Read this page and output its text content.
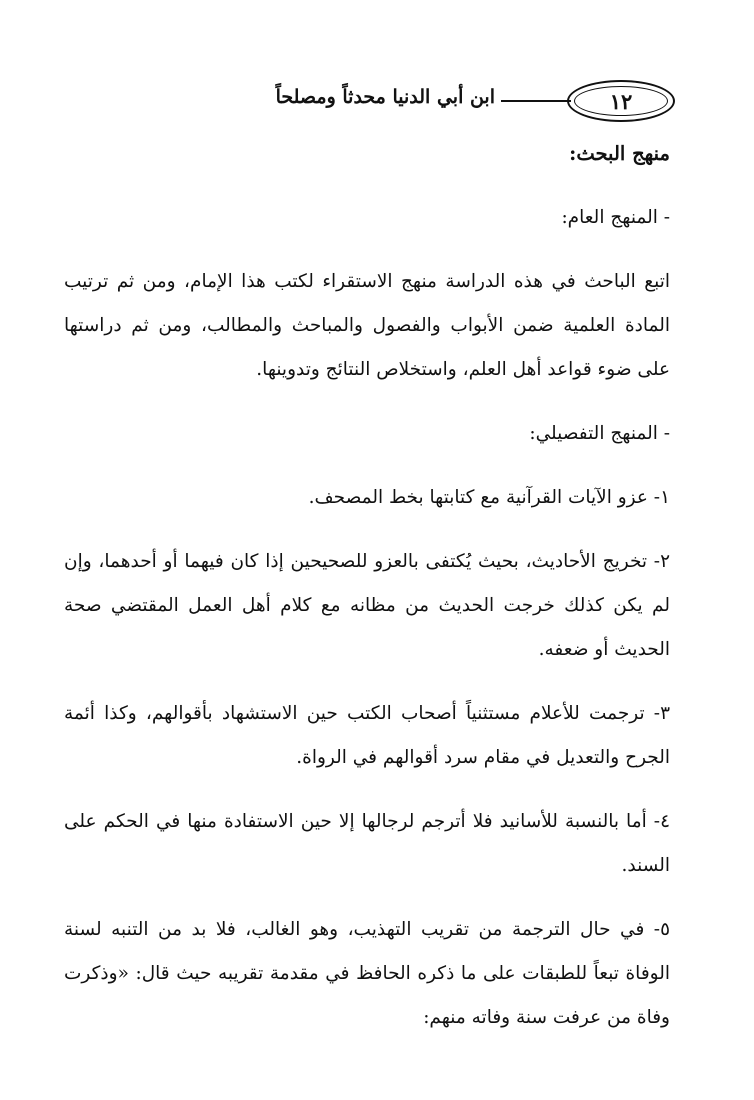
١٢
ابن أبي الدنيا محدثاً ومصلحاً

منهج البحث:

- المنهج العام:

اتبع الباحث في هذه الدراسة منهج الاستقراء لكتب هذا الإمام، ومن ثم ترتيب المادة العلمية ضمن الأبواب والفصول والمباحث والمطالب، ومن ثم دراستها على ضوء قواعد أهل العلم، واستخلاص النتائج وتدوينها.

- المنهج التفصيلي:

١- عزو الآيات القرآنية مع كتابتها بخط المصحف.

٢- تخريج الأحاديث، بحيث يُكتفى بالعزو للصحيحين إذا كان فيهما أو أحدهما، وإن لم يكن كذلك خرجت الحديث من مظانه مع كلام أهل العمل المقتضي صحة الحديث أو ضعفه.

٣- ترجمت للأعلام مستثنياً أصحاب الكتب حين الاستشهاد بأقوالهم، وكذا أئمة الجرح والتعديل في مقام سرد أقوالهم في الرواة.

٤- أما بالنسبة للأسانيد فلا أترجم لرجالها إلا حين الاستفادة منها في الحكم على السند.

٥- في حال الترجمة من تقريب التهذيب، وهو الغالب، فلا بد من التنبه لسنة الوفاة تبعاً للطبقات على ما ذكره الحافظ في مقدمة تقريبه حيث قال: «وذكرت وفاة من عرفت سنة وفاته منهم:
